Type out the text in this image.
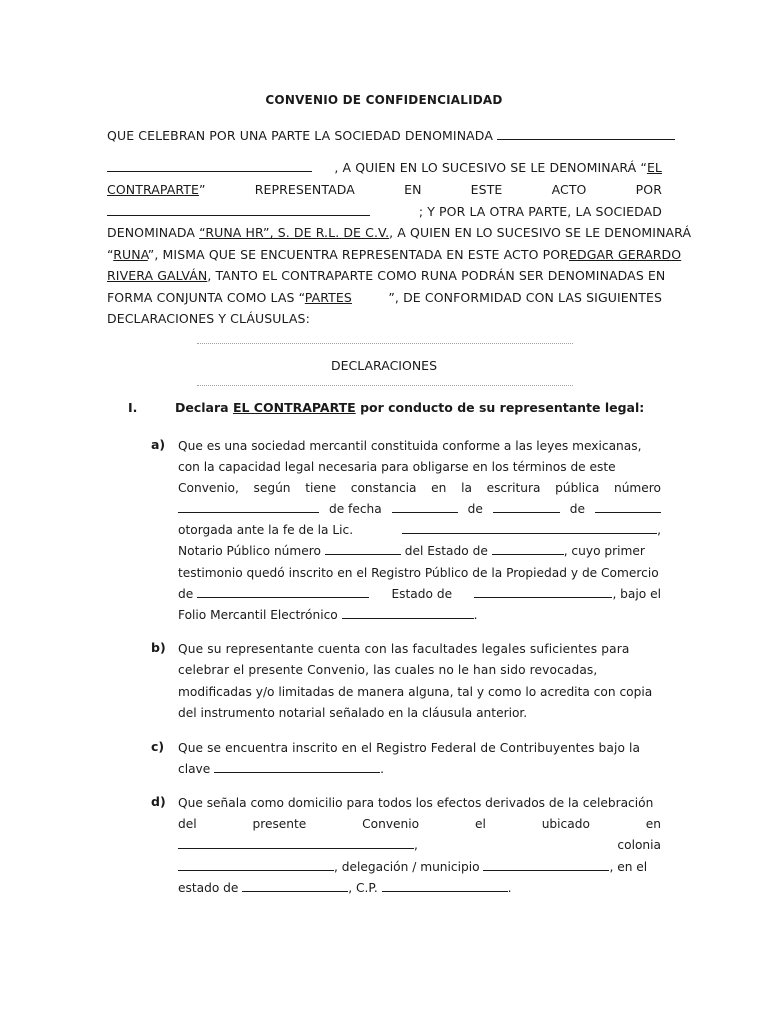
CONVENIO DE CONFIDENCIALIDAD
QUE CELEBRAN POR UNA PARTE LA SOCIEDAD DENOMINADA
, A QUIEN EN LO SUCESIVO SE LE DENOMINARÁ “EL
CONTRAPARTE”	REPRESENTADA	EN	ESTE	ACTO	POR
; Y POR LA OTRA PARTE, LA SOCIEDAD
DENOMINADA “RUNA HR”, S. DE R.L. DE C.V., A QUIEN EN LO SUCESIVO SE LE DENOMINARÁ
“RUNA”, MISMA QUE SE ENCUENTRA REPRESENTADA EN ESTE ACTO POR EDGAR GERARDO
RIVERA GALVÁN , TANTO EL CONTRAPARTE COMO RUNA PODRÁN SER DENOMINADAS EN
FORMA CONJUNTA COMO LAS “PARTES	”, DE CONFORMIDAD CON LAS SIGUIENTES
DECLARACIONES Y CLÁUSULAS:
DECLARACIONES
I.	Declara EL CONTRAPARTE por conducto de su representante legal:
a) Que es una sociedad mercantil constituida conforme a las leyes mexicanas,
con la capacidad legal necesaria para obligarse en los términos de este
Convenio, según tiene constancia en la escritura pública número
de fecha	de	de
otorgada ante la fe de la Lic.	,
Notario Público número	del Estado de	, cuyo primer
testimonio quedó inscrito en el Registro Público de la Propiedad y de Comercio
de	Estado de	, bajo el
Folio Mercantil Electrónico	.
b) Que su representante cuenta con las facultades legales suficientes para
celebrar el presente Convenio, las cuales no le han sido revocadas,
modificadas y/o limitadas de manera alguna, tal y como lo acredita con copia
del instrumento notarial señalado en la cláusula anterior.
c) Que se encuentra inscrito en el Registro Federal de Contribuyentes bajo la
clave	.
d) Que señala como domicilio para todos los efectos derivados de la celebración
del	presente	Convenio	el	ubicado	en
,	colonia
, delegación / municipio	, en el
estado de	, C.P.	.
